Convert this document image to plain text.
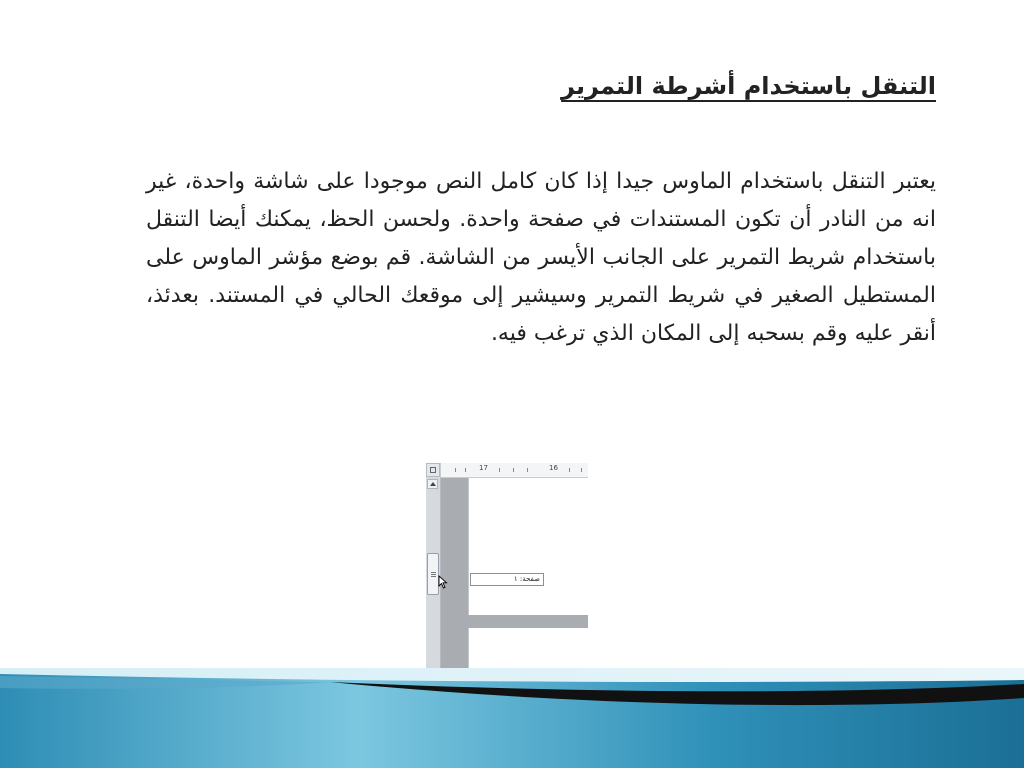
التنقل باستخدام أشرطة التمرير
يعتبر التنقل باستخدام الماوس جيدا إذا كان كامل النص موجودا على شاشة واحدة، غير انه من النادر أن تكون المستندات في صفحة واحدة. ولحسن الحظ، يمكنك أيضا التنقل باستخدام شريط التمرير على الجانب الأيسر من الشاشة. قم بوضع مؤشر الماوس على المستطيل الصغير في شريط التمرير وسيشير إلى موقعك الحالي في المستند. بعدئذ، أنقر عليه وقم بسحبه إلى المكان الذي ترغب فيه.
17	16
صفحة: ١
